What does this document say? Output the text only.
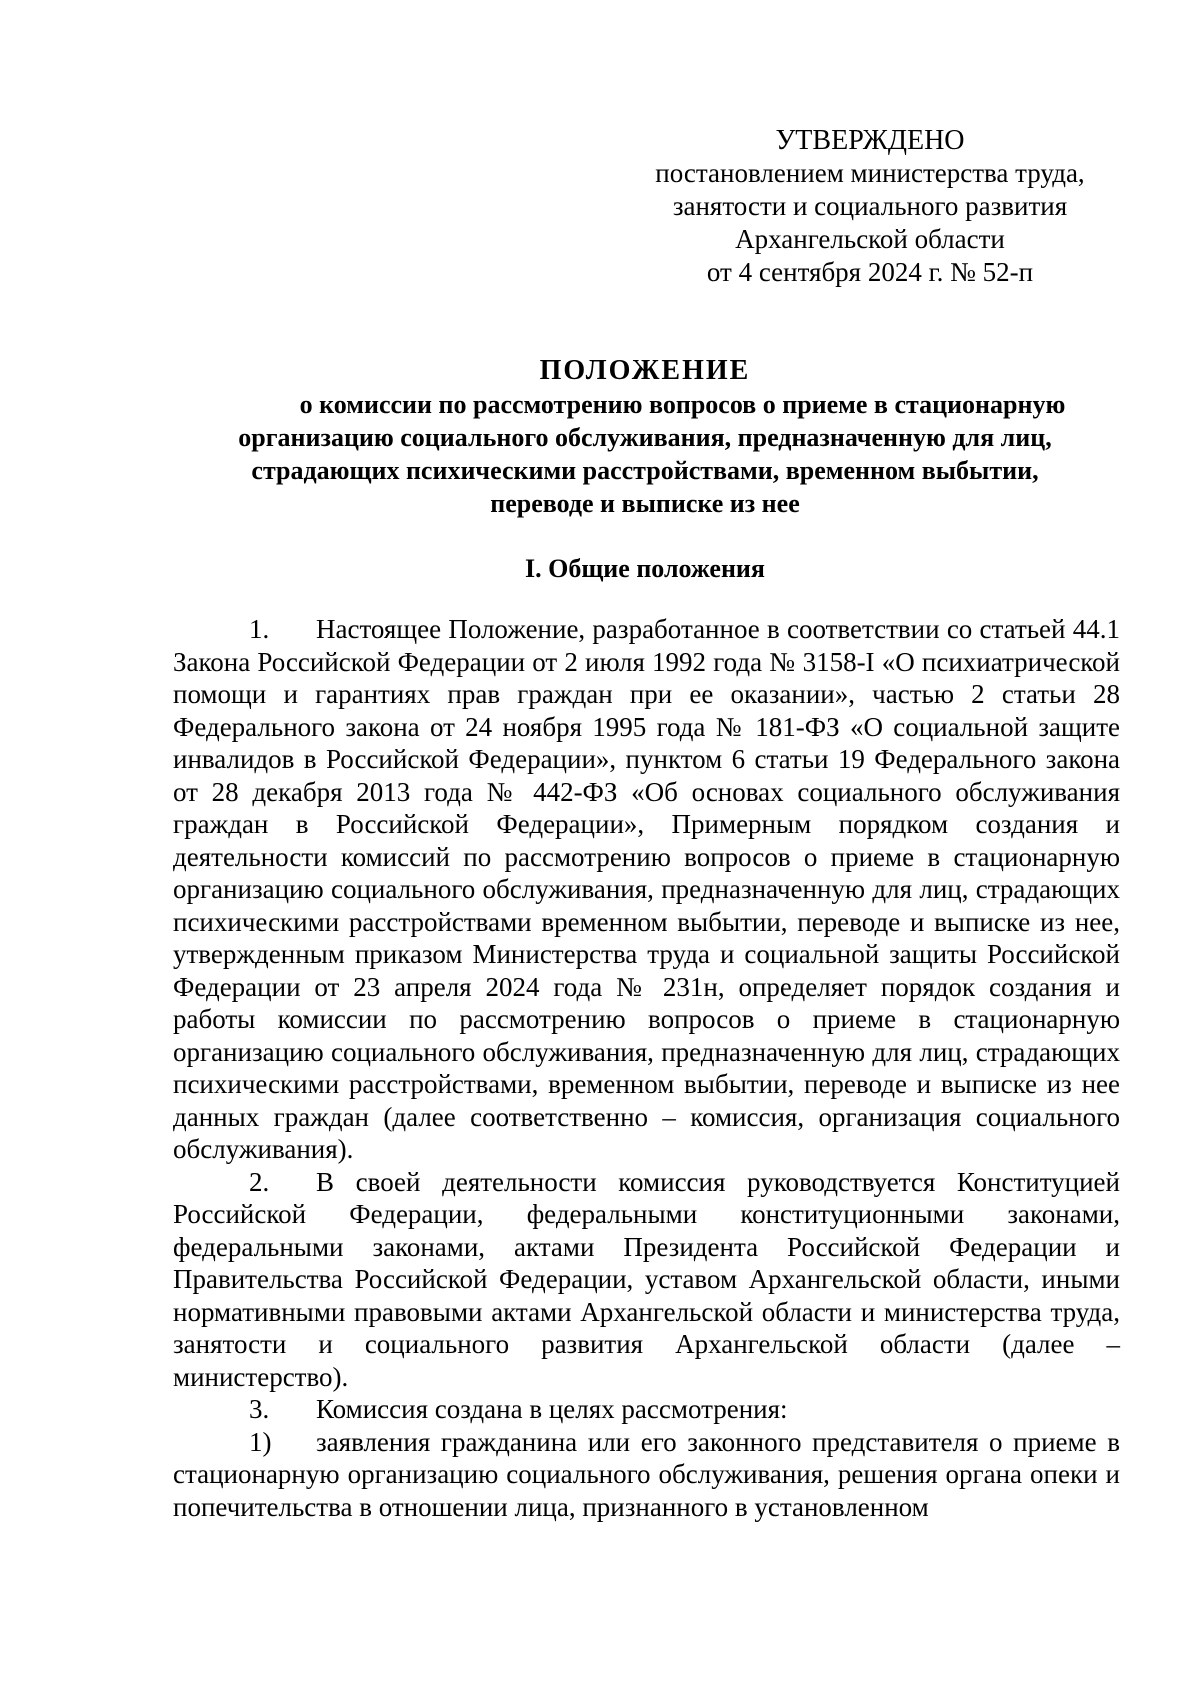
УТВЕРЖДЕНО
постановлением министерства труда,
занятости и социального развития
Архангельской области
от 4 сентября 2024 г. № 52-п
ПОЛОЖЕНИЕ
о комиссии по рассмотрению вопросов о приеме в стационарную
организацию социального обслуживания, предназначенную для лиц,
страдающих психическими расстройствами, временном выбытии,
переводе и выписке из нее
I. Общие положения

1. Настоящее Положение, разработанное в соответствии со статьей 44.1 Закона Российской Федерации от 2 июля 1992 года № 3158-I «О психиатрической помощи и гарантиях прав граждан при ее оказании», частью 2 статьи 28 Федерального закона от 24 ноября 1995 года № 181-ФЗ «О социальной защите инвалидов в Российской Федерации», пунктом 6 статьи 19 Федерального закона от 28 декабря 2013 года № 442-ФЗ «Об основах социального обслуживания граждан в Российской Федерации», Примерным порядком создания и деятельности комиссий по рассмотрению вопросов о приеме в стационарную организацию социального обслуживания, предназначенную для лиц, страдающих психическими расстройствами временном выбытии, переводе и выписке из нее, утвержденным приказом Министерства труда и социальной защиты Российской Федерации от 23 апреля 2024 года № 231н, определяет порядок создания и работы комиссии по рассмотрению вопросов о приеме в стационарную организацию социального обслуживания, предназначенную для лиц, страдающих психическими расстройствами, временном выбытии, переводе и выписке из нее данных граждан (далее соответственно – комиссия, организация социального обслуживания).

2. В своей деятельности комиссия руководствуется Конституцией Российской Федерации, федеральными конституционными законами, федеральными законами, актами Президента Российской Федерации и Правительства Российской Федерации, уставом Архангельской области, иными нормативными правовыми актами Архангельской области и министерства труда, занятости и социального развития Архангельской области (далее – министерство).

3. Комиссия создана в целях рассмотрения:

1) заявления гражданина или его законного представителя о приеме в стационарную организацию социального обслуживания, решения органа опеки и попечительства в отношении лица, признанного в установленном
